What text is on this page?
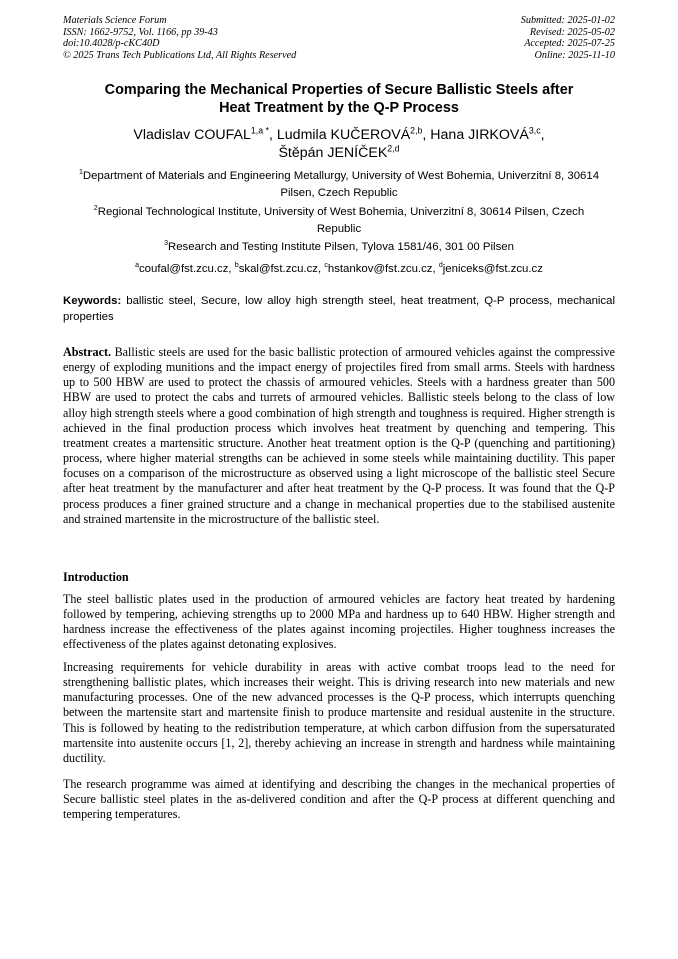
Materials Science Forum
ISSN: 1662-9752, Vol. 1166, pp 39-43
doi:10.4028/p-cKC40D
© 2025 Trans Tech Publications Ltd, All Rights Reserved
Submitted: 2025-01-02
Revised: 2025-05-02
Accepted: 2025-07-25
Online: 2025-11-10
Comparing the Mechanical Properties of Secure Ballistic Steels after
Heat Treatment by the Q-P Process
Vladislav $COUFAL^{1,a *}$, Ludmila KUČEROVÁ$^{2,b}$, Hana JIRKOVÁ$^{3,c}$,
Štěpán JENÍČEK$^{2,d}$
$^1$Department of Materials and Engineering Metallurgy, University of West Bohemia, Univerzitní 8, 30614 Pilsen, Czech Republic
$^2$Regional Technological Institute, University of West Bohemia, Univerzitní 8, 30614 Pilsen, Czech Republic
$^3$Research and Testing Institute Pilsen, Tylova 1581/46, 301 00 Pilsen
$^a$coufal@fst.zcu.cz, $^b$skal@fst.zcu.cz, $^c$hstankov@fst.zcu.cz, $^d$jeniceks@fst.zcu.cz
Keywords: ballistic steel, Secure, low alloy high strength steel, heat treatment, Q-P process, mechanical properties
Abstract. Ballistic steels are used for the basic ballistic protection of armoured vehicles against the compressive energy of exploding munitions and the impact energy of projectiles fired from small arms. Steels with hardness up to 500 HBW are used to protect the chassis of armoured vehicles. Steels with a hardness greater than 500 HBW are used to protect the cabs and turrets of armoured vehicles. Ballistic steels belong to the class of low alloy high strength steels where a good combination of high strength and toughness is required. Higher strength is achieved in the final production process which involves heat treatment by quenching and tempering. This treatment creates a martensitic structure. Another heat treatment option is the Q-P (quenching and partitioning) process, where higher material strengths can be achieved in some steels while maintaining ductility. This paper focuses on a comparison of the microstructure as observed using a light microscope of the ballistic steel Secure after heat treatment by the manufacturer and after heat treatment by the Q-P process. It was found that the Q-P process produces a finer grained structure and a change in mechanical properties due to the stabilised austenite and strained martensite in the microstructure of the ballistic steel.
Introduction
The steel ballistic plates used in the production of armoured vehicles are factory heat treated by hardening followed by tempering, achieving strengths up to 2000 MPa and hardness up to 640 HBW. Higher strength and hardness increase the effectiveness of the plates against incoming projectiles. Higher toughness increases the effectiveness of the plates against detonating explosives.
Increasing requirements for vehicle durability in areas with active combat troops lead to the need for strengthening ballistic plates, which increases their weight. This is driving research into new materials and new manufacturing processes. One of the new advanced processes is the Q-P process, which interrupts quenching between the martensite start and martensite finish to produce martensite and residual austenite in the structure. This is followed by heating to the redistribution temperature, at which carbon diffusion from the supersaturated martensite into austenite occurs [1, 2], thereby achieving an increase in strength and hardness while maintaining ductility.
The research programme was aimed at identifying and describing the changes in the mechanical properties of Secure ballistic steel plates in the as-delivered condition and after the Q-P process at different quenching and tempering temperatures.
